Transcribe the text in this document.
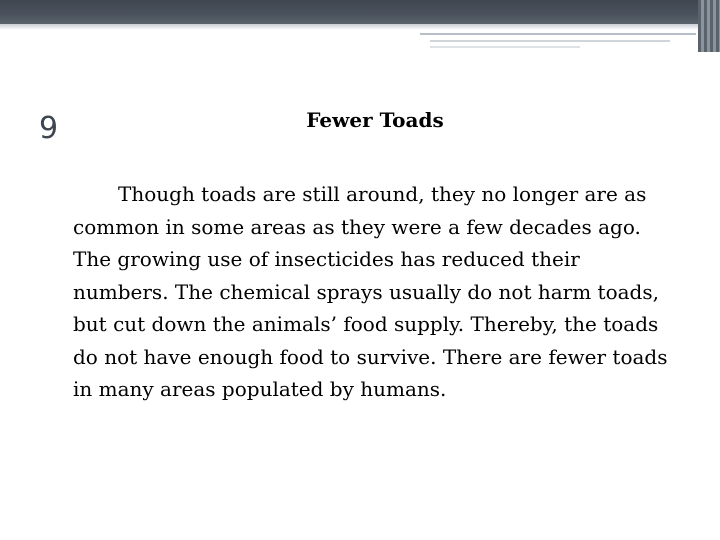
9	Fewer Toads

Though toads are still around, they no longer are as common in some areas as they were a few decades ago. The growing use of insecticides has reduced their numbers. The chemical sprays usually do not harm toads, but cut down the animals’ food supply. Thereby, the toads do not have enough food to survive. There are fewer toads in many areas populated by humans.
